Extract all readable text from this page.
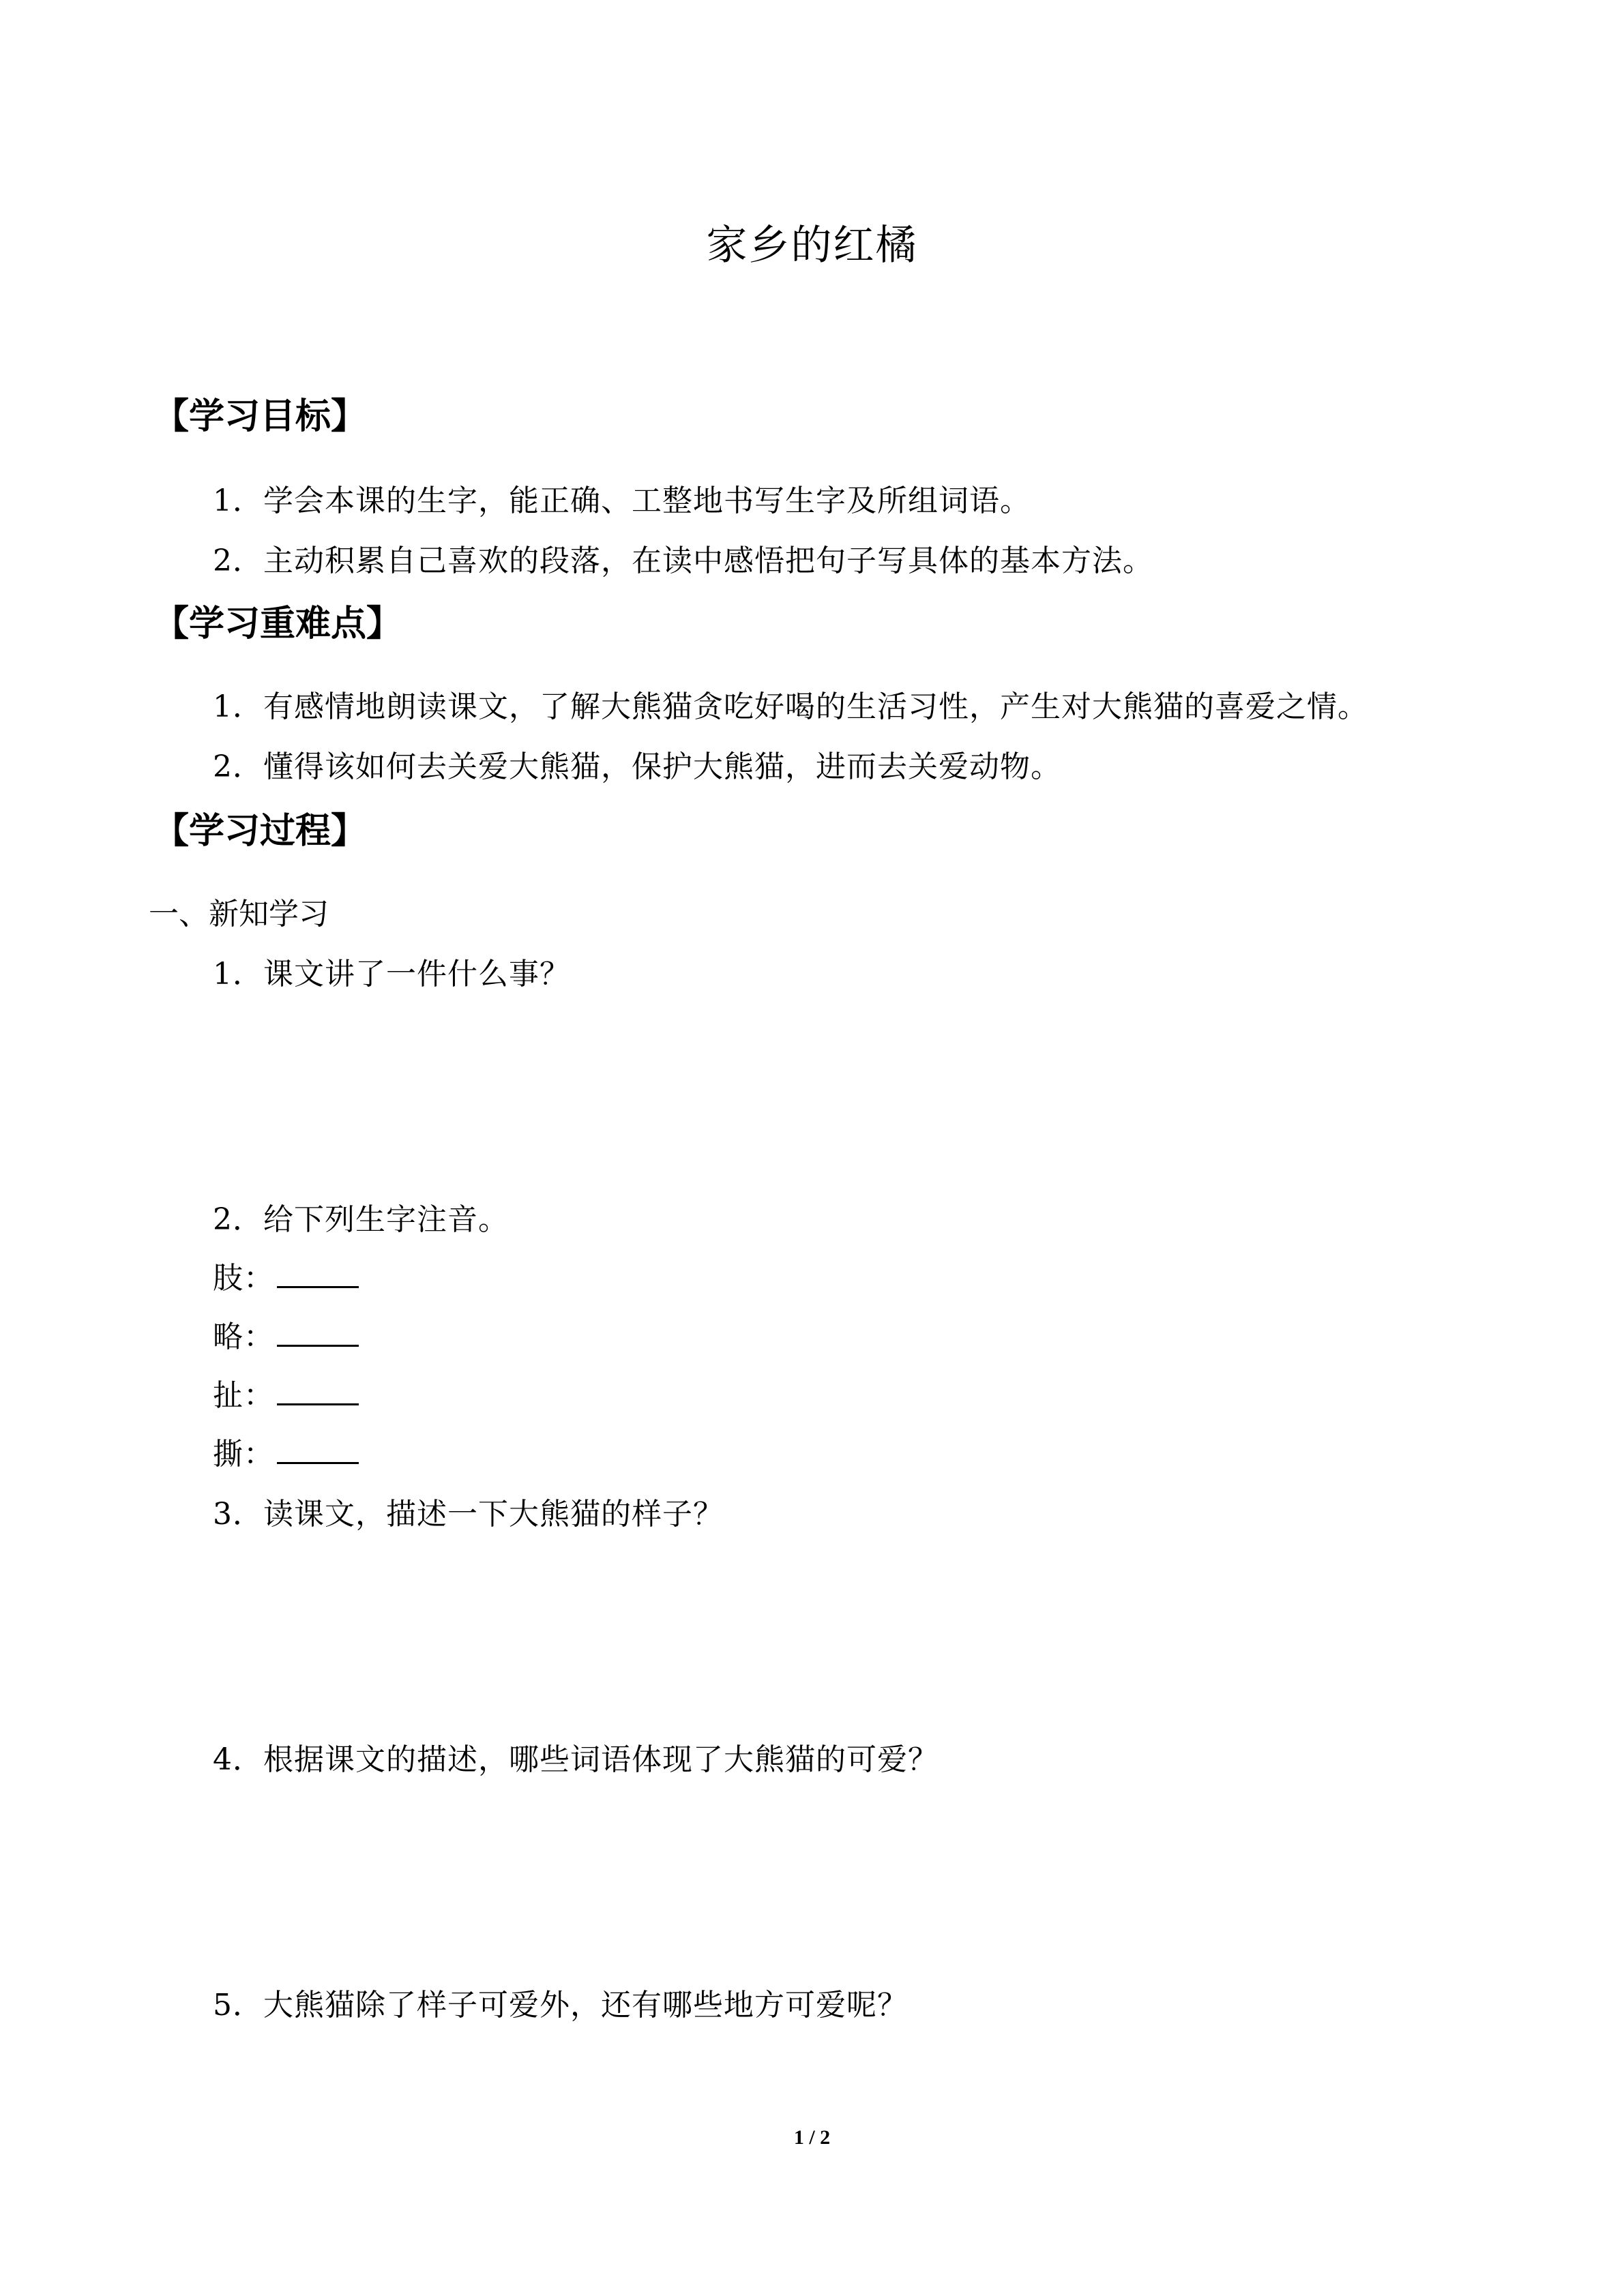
家乡的红橘
【学习目标】
1．学会本课的生字，能正确、工整地书写生字及所组词语。
2．主动积累自己喜欢的段落，在读中感悟把句子写具体的基本方法。
【学习重难点】
1．有感情地朗读课文，了解大熊猫贪吃好喝的生活习性，产生对大熊猫的喜爱之情。
2．懂得该如何去关爱大熊猫，保护大熊猫，进而去关爱动物。
【学习过程】
一、新知学习
1．课文讲了一件什么事？
2．给下列生字注音。
肢：
略：
扯：
撕：
3．读课文，描述一下大熊猫的样子？
4．根据课文的描述，哪些词语体现了大熊猫的可爱？
5．大熊猫除了样子可爱外，还有哪些地方可爱呢？
1 / 2
